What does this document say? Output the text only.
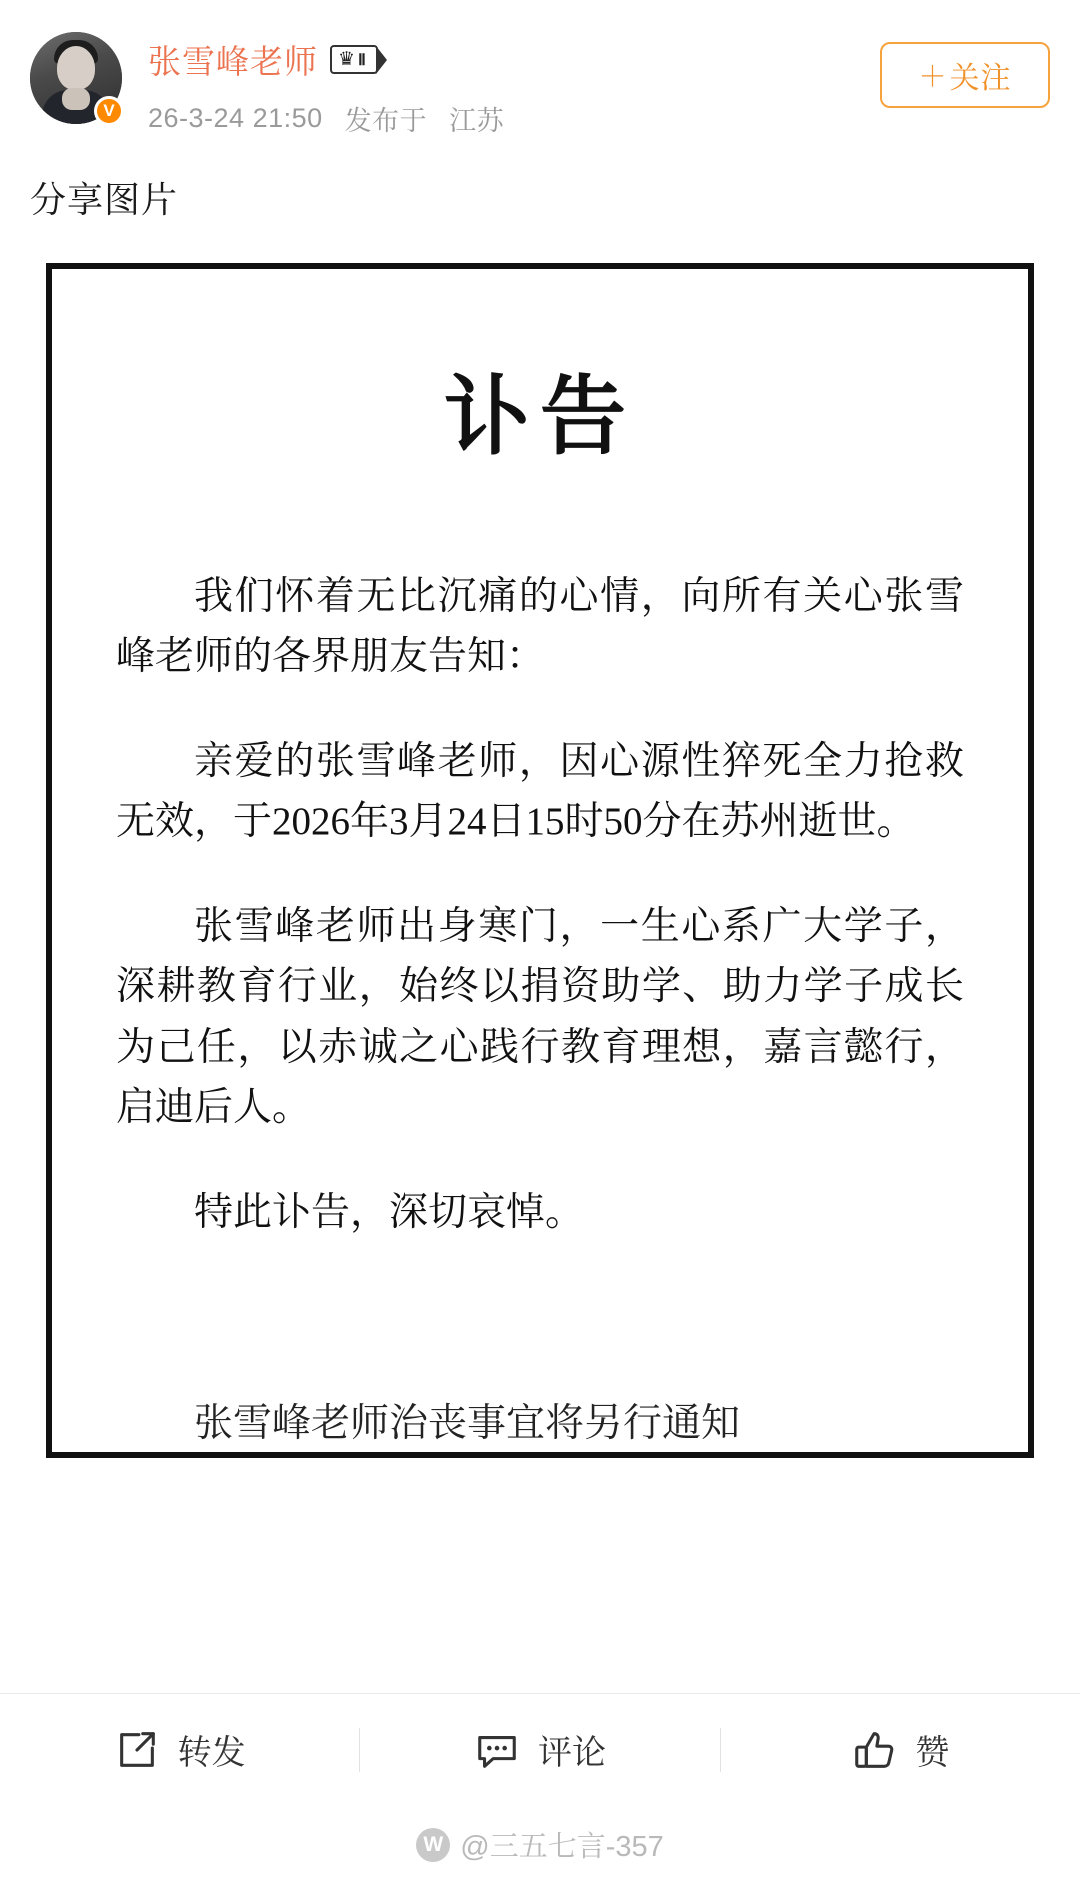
V
张雪峰老师 ♛ Ⅱ
26-3-24 21:50 发布于 江苏
＋ 关注
分享图片
讣告

我们怀着无比沉痛的心情，向所有关心张雪峰老师的各界朋友告知：

亲爱的张雪峰老师，因心源性猝死全力抢救无效，于2026年3月24日15时50分在苏州逝世。

张雪峰老师出身寒门，一生心系广大学子，深耕教育行业，始终以捐资助学、助力学子成长为己任，以赤诚之心践行教育理想，嘉言懿行，启迪后人。

特此讣告，深切哀悼。

张雪峰老师治丧事宜将另行通知
转发	评论	赞
W @三五七言-357
